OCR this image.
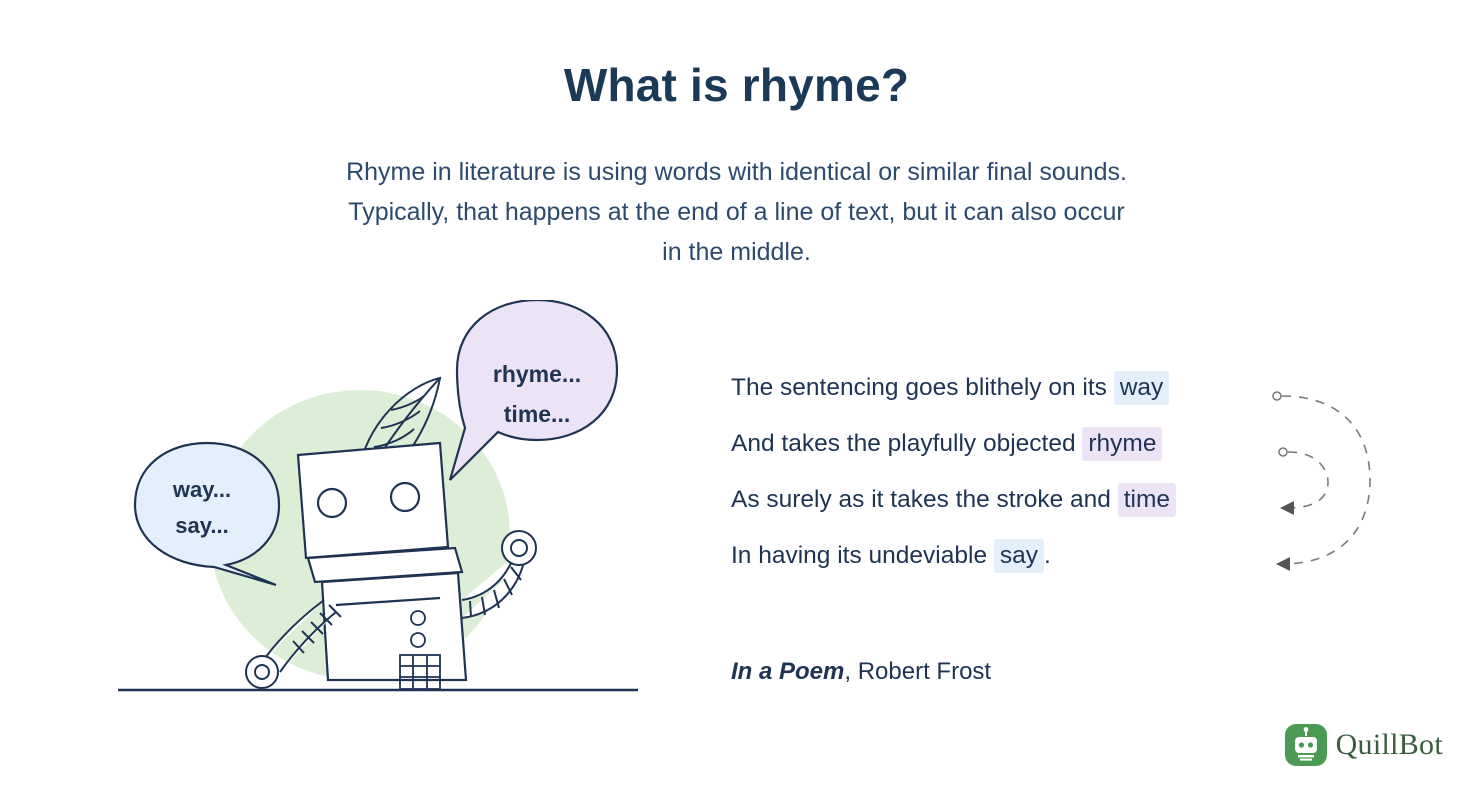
What is rhyme?
Rhyme in literature is using words with identical or similar final sounds. Typically, that happens at the end of a line of text, but it can also occur in the middle.
rhyme...
time...
way...
say...
The sentencing goes blithely on its way
And takes the playfully objected rhyme
As surely as it takes the stroke and time
In having its undeviable say .
In a Poem, Robert Frost
QuillBot
